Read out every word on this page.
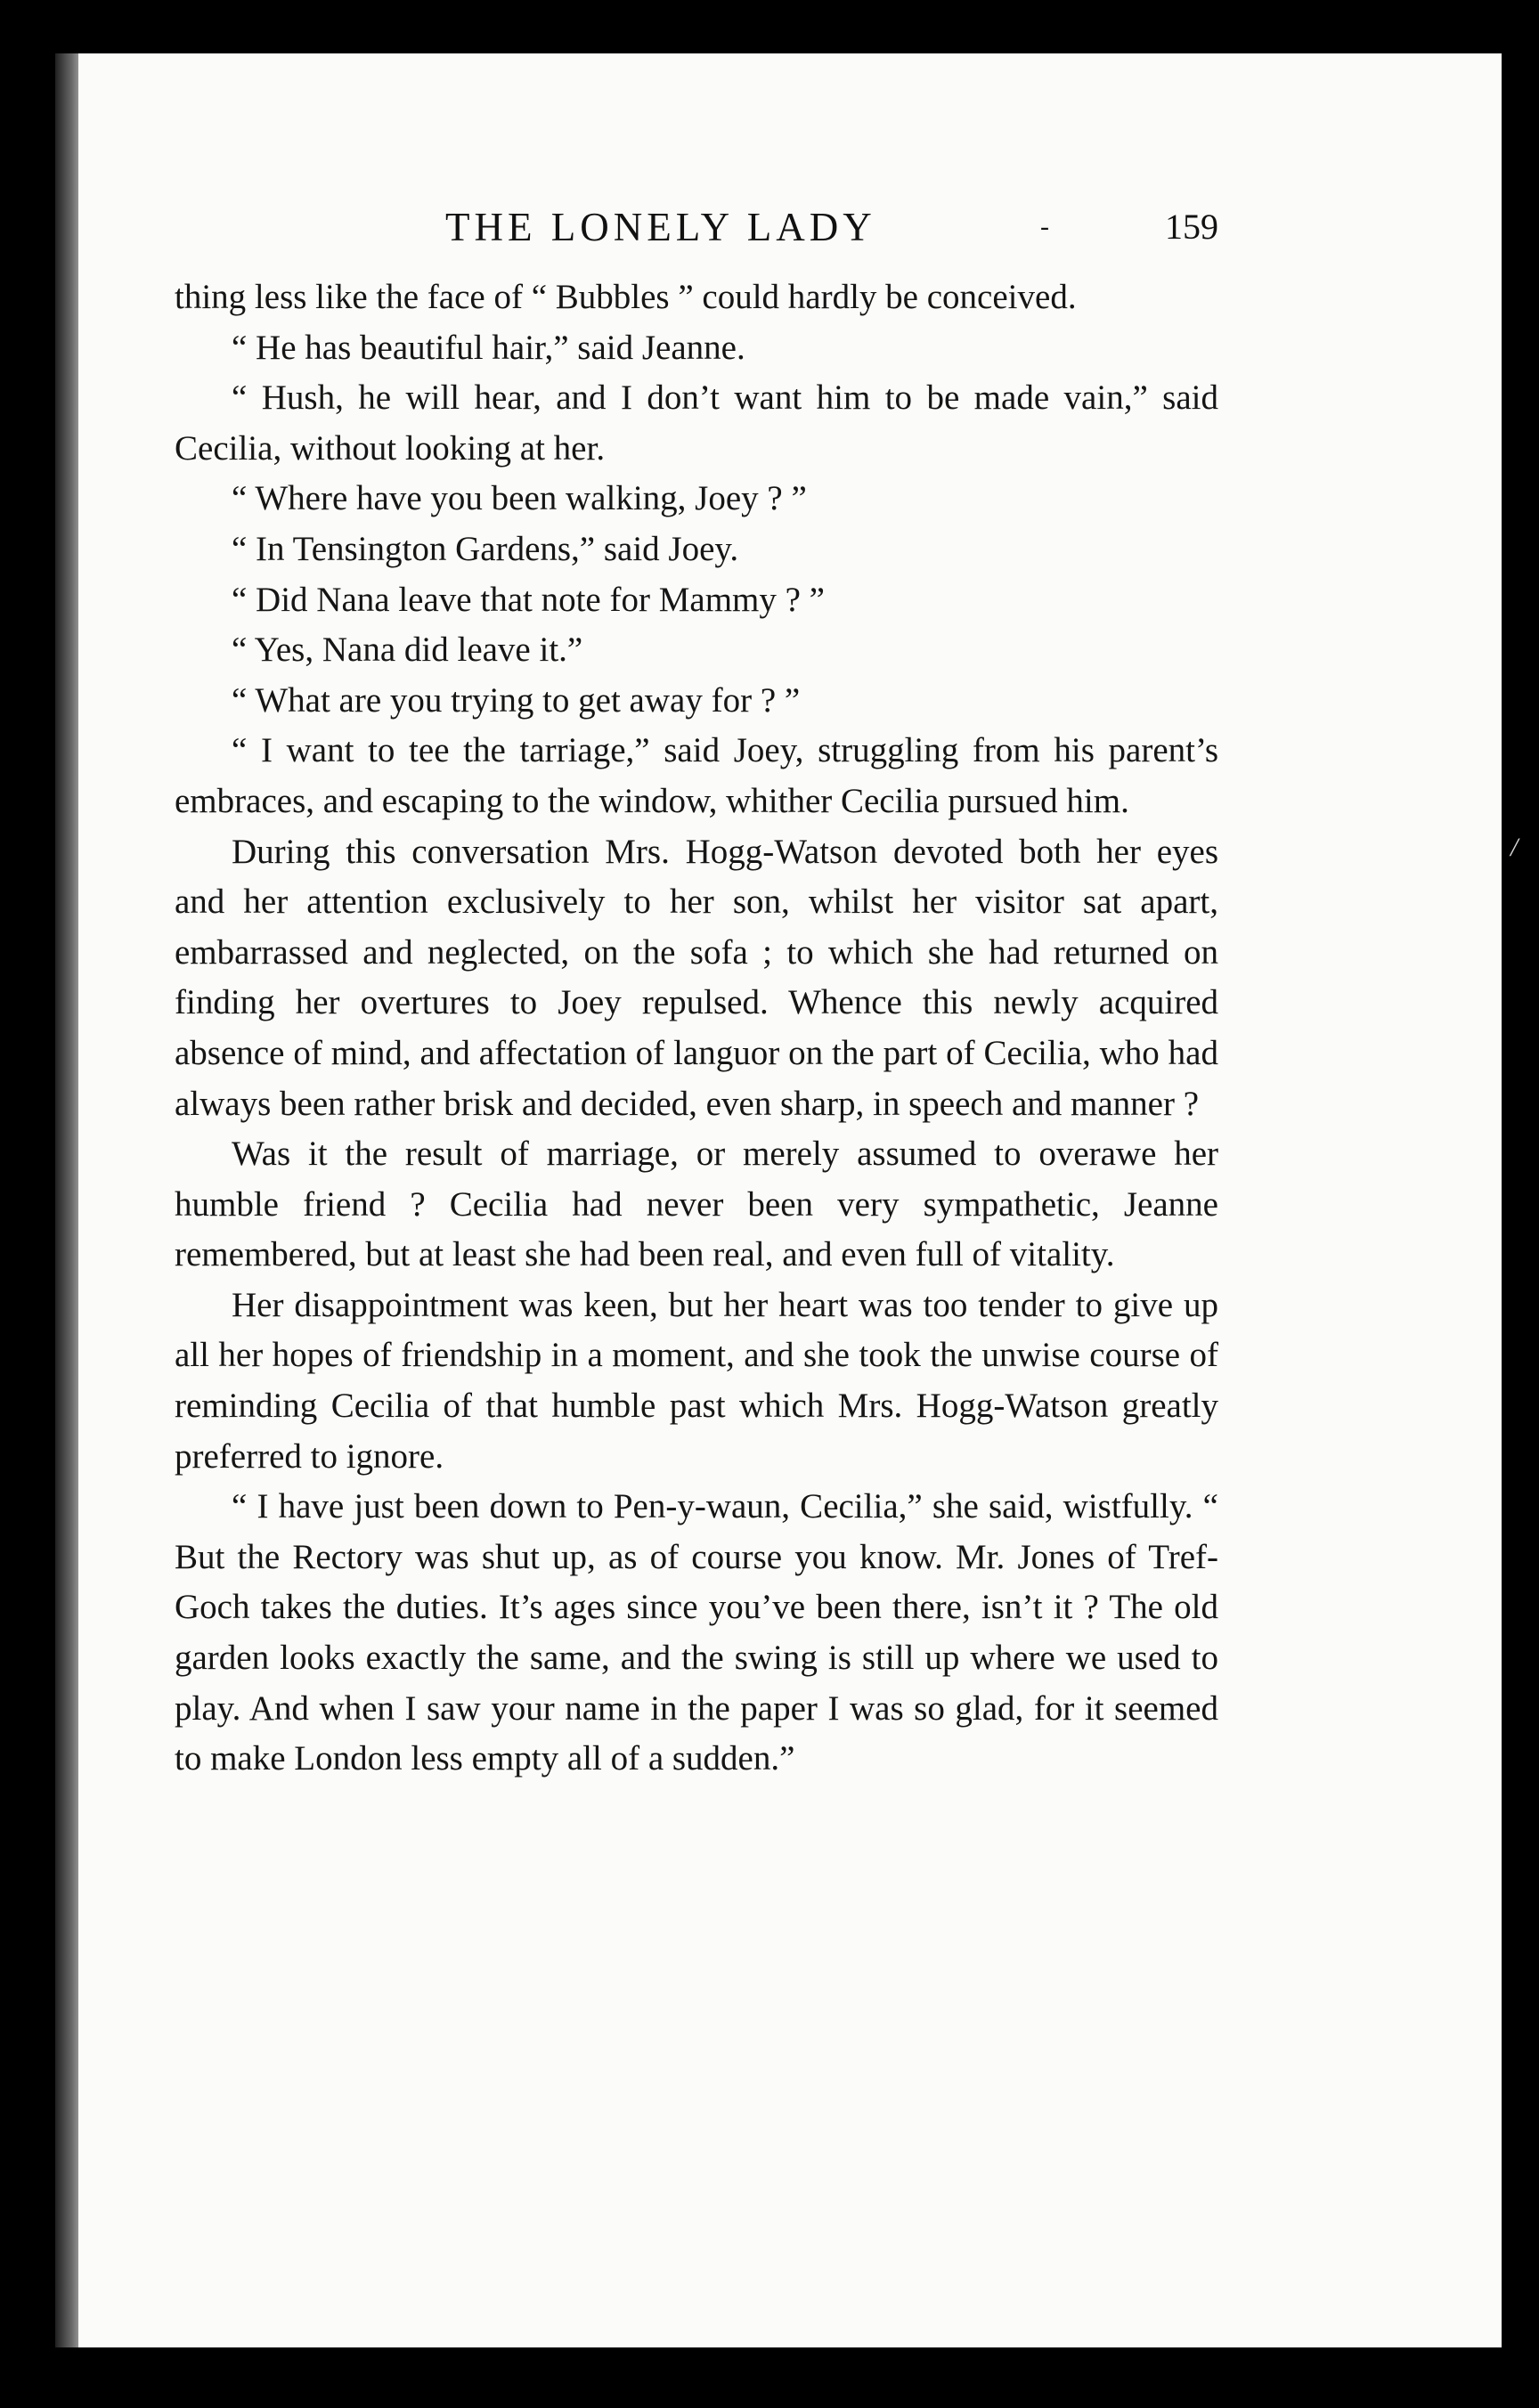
THE LONELY LADY	-	159

thing less like the face of “ Bubbles ” could hardly be conceived.

“ He has beautiful hair,” said Jeanne.

“ Hush, he will hear, and I don’t want him to be made vain,” said Cecilia, without looking at her.

“ Where have you been walking, Joey ? ”

“ In Tensington Gardens,” said Joey.

“ Did Nana leave that note for Mammy ? ”

“ Yes, Nana did leave it.”

“ What are you trying to get away for ? ”

“ I want to tee the tarriage,” said Joey, struggling from his parent’s embraces, and escaping to the window, whither Cecilia pursued him.

During this conversation Mrs. Hogg-Watson devoted both her eyes and her attention exclusively to her son, whilst her visitor sat apart, embarrassed and neglected, on the sofa ; to which she had returned on finding her overtures to Joey repulsed. Whence this newly acquired absence of mind, and affectation of languor on the part of Cecilia, who had always been rather brisk and decided, even sharp, in speech and manner ?

Was it the result of marriage, or merely assumed to overawe her humble friend ? Cecilia had never been very sympathetic, Jeanne remembered, but at least she had been real, and even full of vitality.

Her disappointment was keen, but her heart was too tender to give up all her hopes of friendship in a moment, and she took the unwise course of reminding Cecilia of that humble past which Mrs. Hogg-Watson greatly preferred to ignore.

“ I have just been down to Pen-y-waun, Cecilia,” she said, wistfully. “ But the Rectory was shut up, as of course you know. Mr. Jones of Tref-Goch takes the duties. It’s ages since you’ve been there, isn’t it ? The old garden looks exactly the same, and the swing is still up where we used to play. And when I saw your name in the paper I was so glad, for it seemed to make London less empty all of a sudden.”

/
